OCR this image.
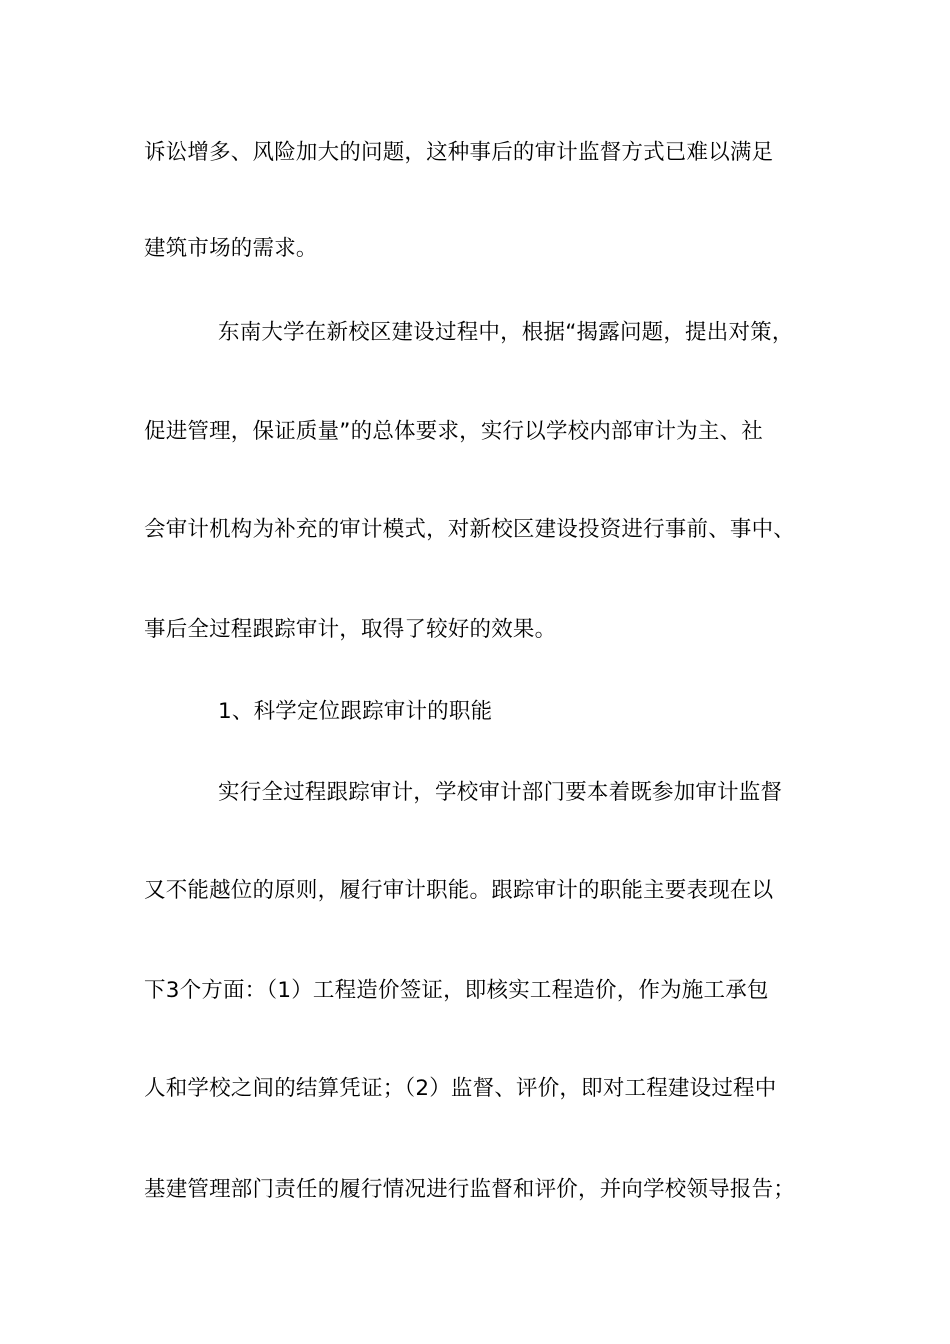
诉讼增多、风险加大的问题，这种事后的审计监督方式已难以满足
建筑市场的需求。
东南大学在新校区建设过程中，根据“揭露问题，提出对策，
促进管理，保证质量”的总体要求，实行以学校内部审计为主、社
会审计机构为补充的审计模式，对新校区建设投资进行事前、事中、
事后全过程跟踪审计，取得了较好的效果。
1、科学定位跟踪审计的职能
实行全过程跟踪审计，学校审计部门要本着既参加审计监督
又不能越位的原则，履行审计职能。跟踪审计的职能主要表现在以
下3个方面：（1）工程造价签证，即核实工程造价，作为施工承包
人和学校之间的结算凭证；（2）监督、评价，即对工程建设过程中
基建管理部门责任的履行情况进行监督和评价，并向学校领导报告；
